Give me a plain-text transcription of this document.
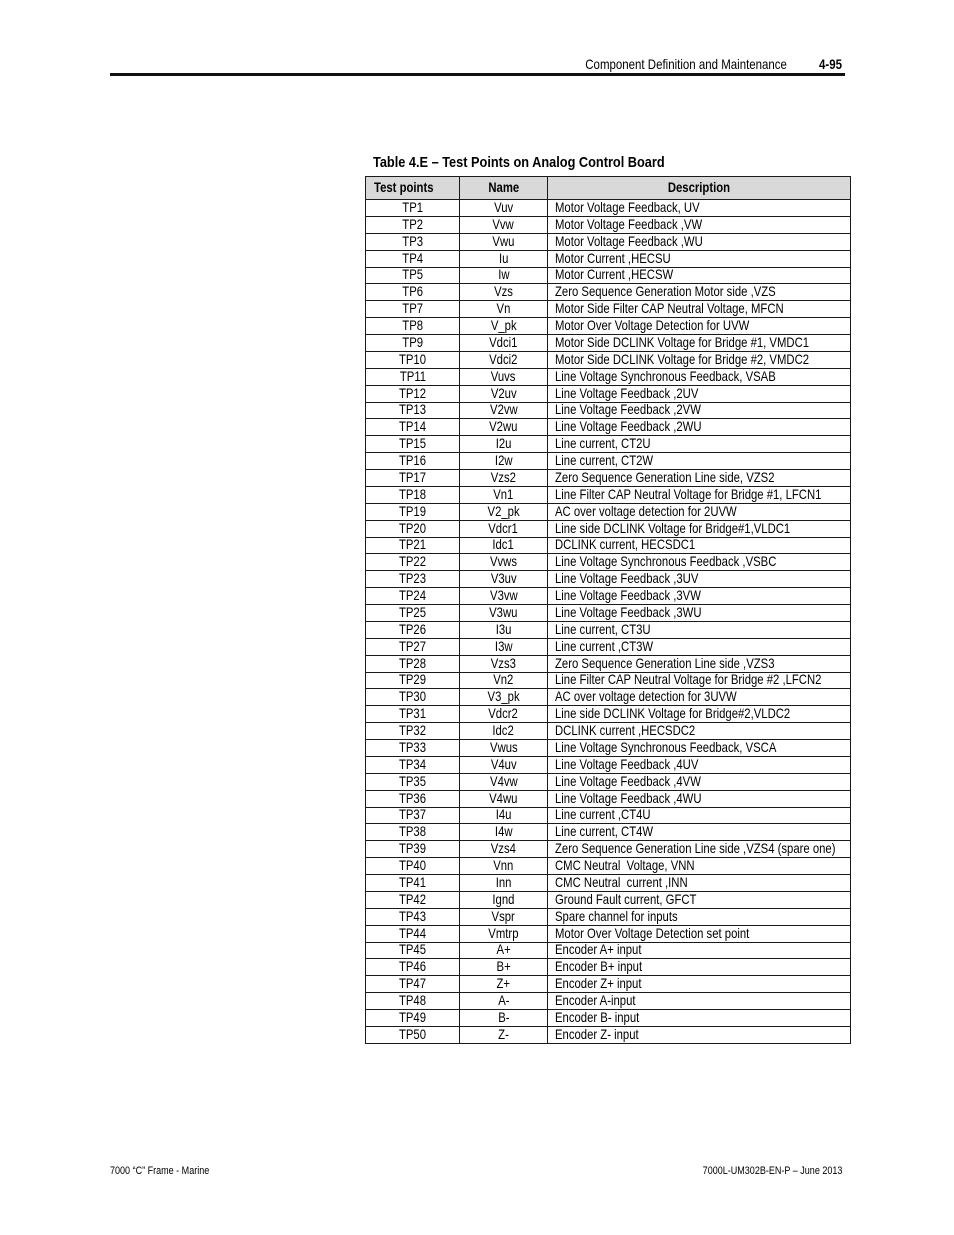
Component Definition and Maintenance	4-95
Table 4.E – Test Points on Analog Control Board
Test points	Name	Description
TP1	Vuv	Motor Voltage Feedback, UV
TP2	Vvw	Motor Voltage Feedback ,VW
TP3	Vwu	Motor Voltage Feedback ,WU
TP4	Iu	Motor Current ,HECSU
TP5	Iw	Motor Current ,HECSW
TP6	Vzs	Zero Sequence Generation Motor side ,VZS
TP7	Vn	Motor Side Filter CAP Neutral Voltage, MFCN
TP8	V_pk	Motor Over Voltage Detection for UVW
TP9	Vdci1	Motor Side DCLINK Voltage for Bridge #1, VMDC1
TP10	Vdci2	Motor Side DCLINK Voltage for Bridge #2, VMDC2
TP11	Vuvs	Line Voltage Synchronous Feedback, VSAB
TP12	V2uv	Line Voltage Feedback ,2UV
TP13	V2vw	Line Voltage Feedback ,2VW
TP14	V2wu	Line Voltage Feedback ,2WU
TP15	I2u	Line current, CT2U
TP16	I2w	Line current, CT2W
TP17	Vzs2	Zero Sequence Generation Line side, VZS2
TP18	Vn1	Line Filter CAP Neutral Voltage for Bridge #1, LFCN1
TP19	V2_pk	AC over voltage detection for 2UVW
TP20	Vdcr1	Line side DCLINK Voltage for Bridge#1,VLDC1
TP21	Idc1	DCLINK current, HECSDC1
TP22	Vvws	Line Voltage Synchronous Feedback ,VSBC
TP23	V3uv	Line Voltage Feedback ,3UV
TP24	V3vw	Line Voltage Feedback ,3VW
TP25	V3wu	Line Voltage Feedback ,3WU
TP26	I3u	Line current, CT3U
TP27	I3w	Line current ,CT3W
TP28	Vzs3	Zero Sequence Generation Line side ,VZS3
TP29	Vn2	Line Filter CAP Neutral Voltage for Bridge #2 ,LFCN2
TP30	V3_pk	AC over voltage detection for 3UVW
TP31	Vdcr2	Line side DCLINK Voltage for Bridge#2,VLDC2
TP32	Idc2	DCLINK current ,HECSDC2
TP33	Vwus	Line Voltage Synchronous Feedback, VSCA
TP34	V4uv	Line Voltage Feedback ,4UV
TP35	V4vw	Line Voltage Feedback ,4VW
TP36	V4wu	Line Voltage Feedback ,4WU
TP37	I4u	Line current ,CT4U
TP38	I4w	Line current, CT4W
TP39	Vzs4	Zero Sequence Generation Line side ,VZS4 (spare one)
TP40	Vnn	CMC Neutral  Voltage, VNN
TP41	Inn	CMC Neutral  current ,INN
TP42	Ignd	Ground Fault current, GFCT
TP43	Vspr	Spare channel for inputs
TP44	Vmtrp	Motor Over Voltage Detection set point
TP45	A+	Encoder A+ input
TP46	B+	Encoder B+ input
TP47	Z+	Encoder Z+ input
TP48	A-	Encoder A-input
TP49	B-	Encoder B- input
TP50	Z-	Encoder Z- input
7000 “C” Frame - Marine	7000L-UM302B-EN-P – June 2013
